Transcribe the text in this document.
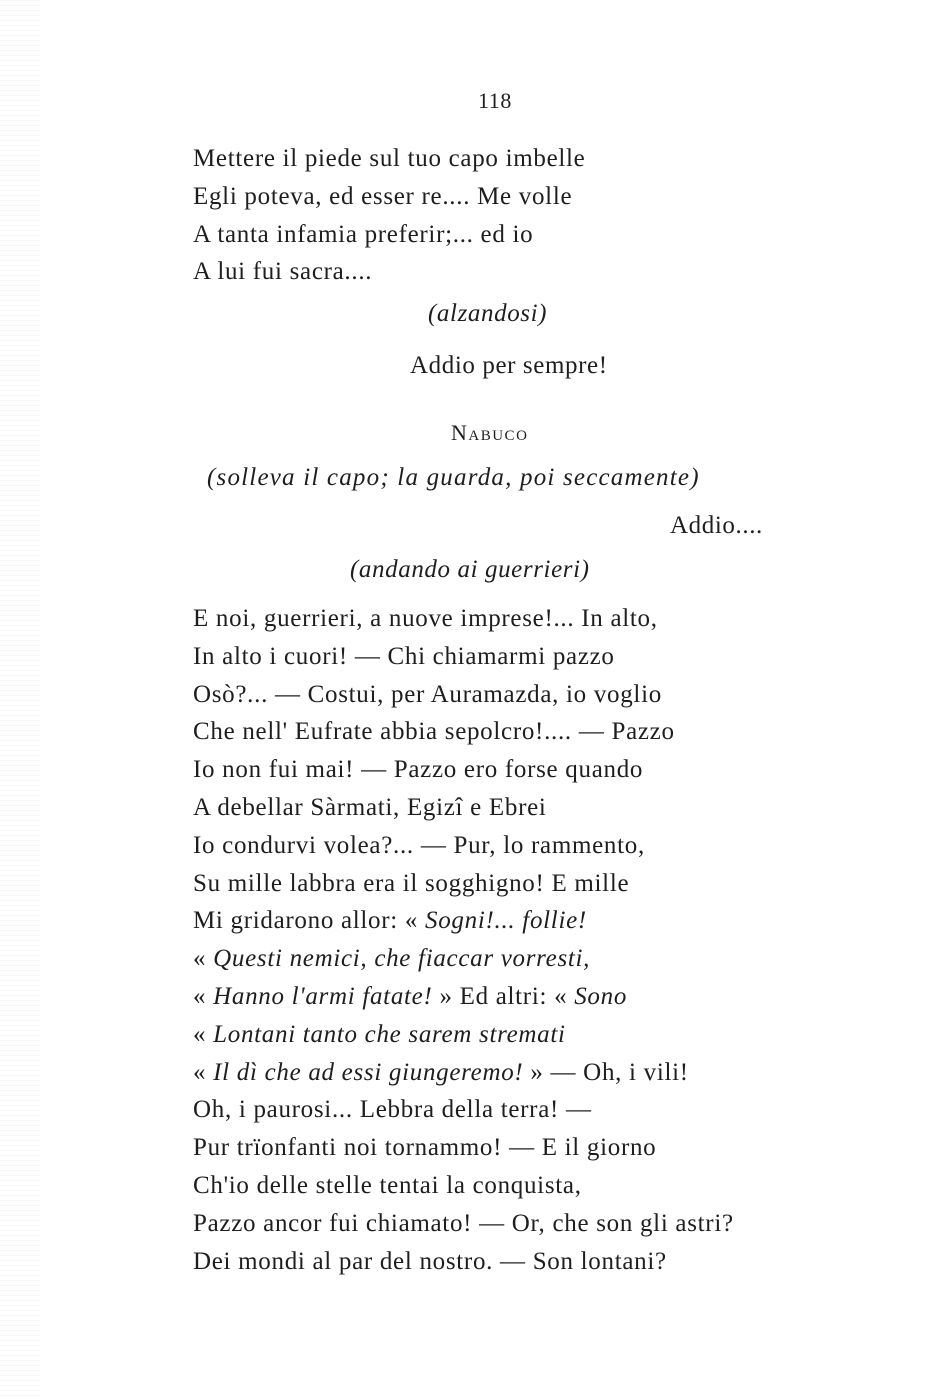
118
Mettere il piede sul tuo capo imbelle
Egli poteva, ed esser re.... Me volle
A tanta infamia preferir;... ed io
A lui fui sacra....
(alzandosi)
Addio per sempre!
Nabuco
(solleva il capo; la guarda, poi seccamente)
Addio....
(andando ai guerrieri)
E noi, guerrieri, a nuove imprese!... In alto,
In alto i cuori! — Chi chiamarmi pazzo
Osò?... — Costui, per Auramazda, io voglio
Che nell' Eufrate abbia sepolcro!.... — Pazzo
Io non fui mai! — Pazzo ero forse quando
A debellar Sàrmati, Egizî e Ebrei
Io condurvi volea?... — Pur, lo rammento,
Su mille labbra era il sogghigno! E mille
Mi gridarono allor: « Sogni!... follie!
« Questi nemici, che fiaccar vorresti,
« Hanno l'armi fatate! » Ed altri: « Sono
« Lontani tanto che sarem stremati
« Il dì che ad essi giungeremo! » — Oh, i vili!
Oh, i paurosi... Lebbra della terra! —
Pur trïonfanti noi tornammo! — E il giorno
Ch'io delle stelle tentai la conquista,
Pazzo ancor fui chiamato! — Or, che son gli astri?
Dei mondi al par del nostro. — Son lontani?
